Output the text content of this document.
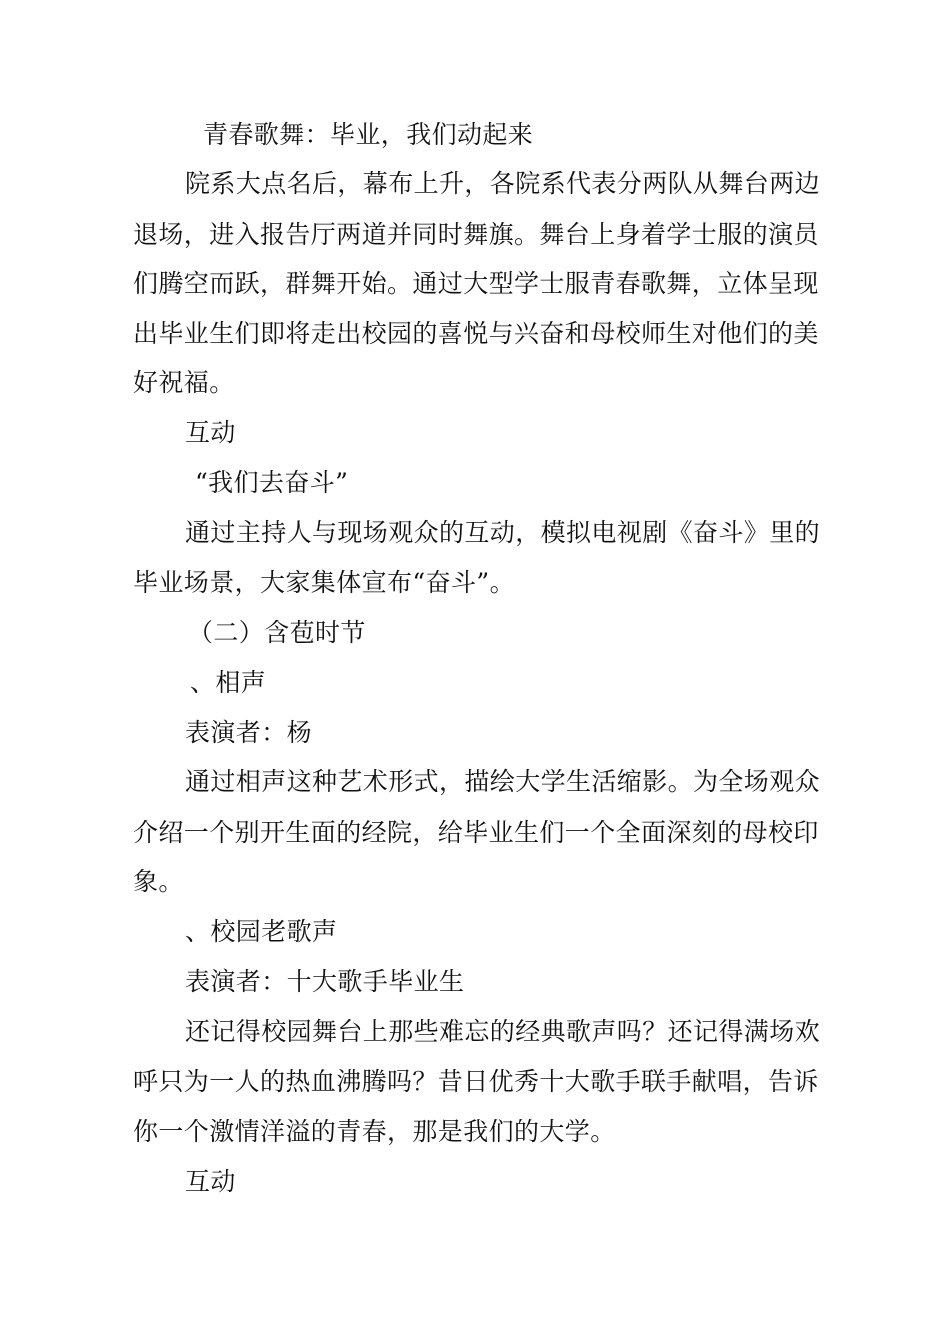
青春歌舞：毕业，我们动起来
院系大点名后，幕布上升，各院系代表分两队从舞台两边
退场，进入报告厅两道并同时舞旗。舞台上身着学士服的演员
们腾空而跃，群舞开始。通过大型学士服青春歌舞，立体呈现
出毕业生们即将走出校园的喜悦与兴奋和母校师生对他们的美
好祝福。
互动
“我们去奋斗”
通过主持人与现场观众的互动，模拟电视剧《奋斗》里的
毕业场景，大家集体宣布“奋斗”。
（二）含苞时节
、相声
表演者：杨
通过相声这种艺术形式，描绘大学生活缩影。为全场观众
介绍一个别开生面的经院，给毕业生们一个全面深刻的母校印
象。
、校园老歌声
表演者：十大歌手毕业生
还记得校园舞台上那些难忘的经典歌声吗？还记得满场欢
呼只为一人的热血沸腾吗？昔日优秀十大歌手联手献唱，告诉
你一个激情洋溢的青春，那是我们的大学。
互动
